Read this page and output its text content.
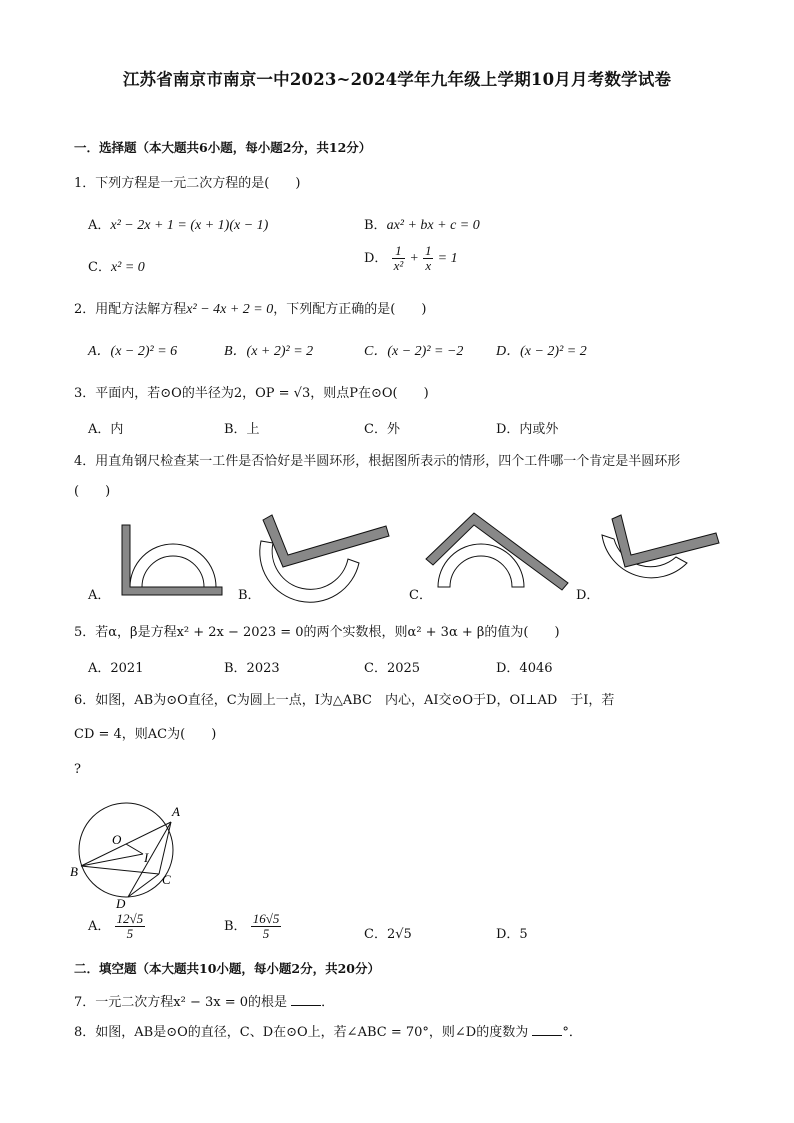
江苏省南京市南京一中2023~2024学年九年级上学期10月月考数学试卷
一．选择题（本大题共6小题，每小题2分，共12分）
1．下列方程是一元二次方程的是(　　)
A．x² − 2x + 1 = (x + 1)(x − 1)	B．ax² + bx + c = 0
C．x² = 0
D． $\frac{1}{\text{x²}} + \frac{1}{x} = 1$
2．用配方法解方程x² − 4x + 2 = 0，下列配方正确的是(　　)
A．(x − 2)² = 6	B．(x + 2)² = 2	C．(x − 2)² = −2 D．(x − 2)² = 2
3．平面内，若⊙O的半径为2，OP = √3，则点P在⊙O(　　)
A．内	B．上	C．外	D．内或外
4．用直角钢尺检查某一工件是否恰好是半圆环形，根据图所表示的情形，四个工件哪一个肯定是半圆环形
(　　)
A．	B．	C．	D．
5．若α，β是方程x² + 2x − 2023 = 0的两个实数根，则α² + 3α + β的值为(　　)
A．2021	B．2023	C．2025	D．4046
6．如图，AB为⊙O直径，C为圆上一点，I为△ABC　内心，AI交⊙O于D，OI⊥AD　于I，若
CD = 4，则AC为(　　)
?
A
O
I
B
C
D
A． $\frac{12√5}{5}$	B． $\frac{16√5}{5}$	C．2√5	D．5
二．填空题（本大题共10小题，每小题2分，共20分）
7．一元二次方程x² − 3x = 0的根是	．
8．如图，AB是⊙O的直径，C、D在⊙O上，若∠ABC = 70°，则∠D的度数为	°．
